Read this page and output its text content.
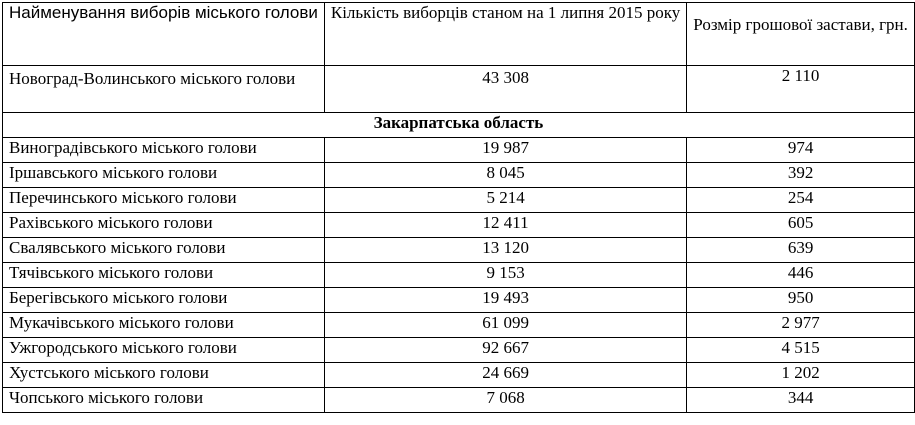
Найменування виборів міського голови	Кількість виборців станом на 1 липня 2015 року	Розмір грошової застави, грн.
Новоград-Волинського міського голови	43 308	2 110
Закарпатська область		
Виноградівського міського голови	19 987	974
Іршавського міського голови	8 045	392
Перечинського міського голови	5 214	254
Рахівського міського голови	12 411	605
Свалявського міського голови	13 120	639
Тячівського міського голови	9 153	446
Берегівського міського голови	19 493	950
Мукачівського міського голови	61 099	2 977
Ужгородського міського голови	92 667	4 515
Хустського міського голови	24 669	1 202
Чопського міського голови	7 068	344
